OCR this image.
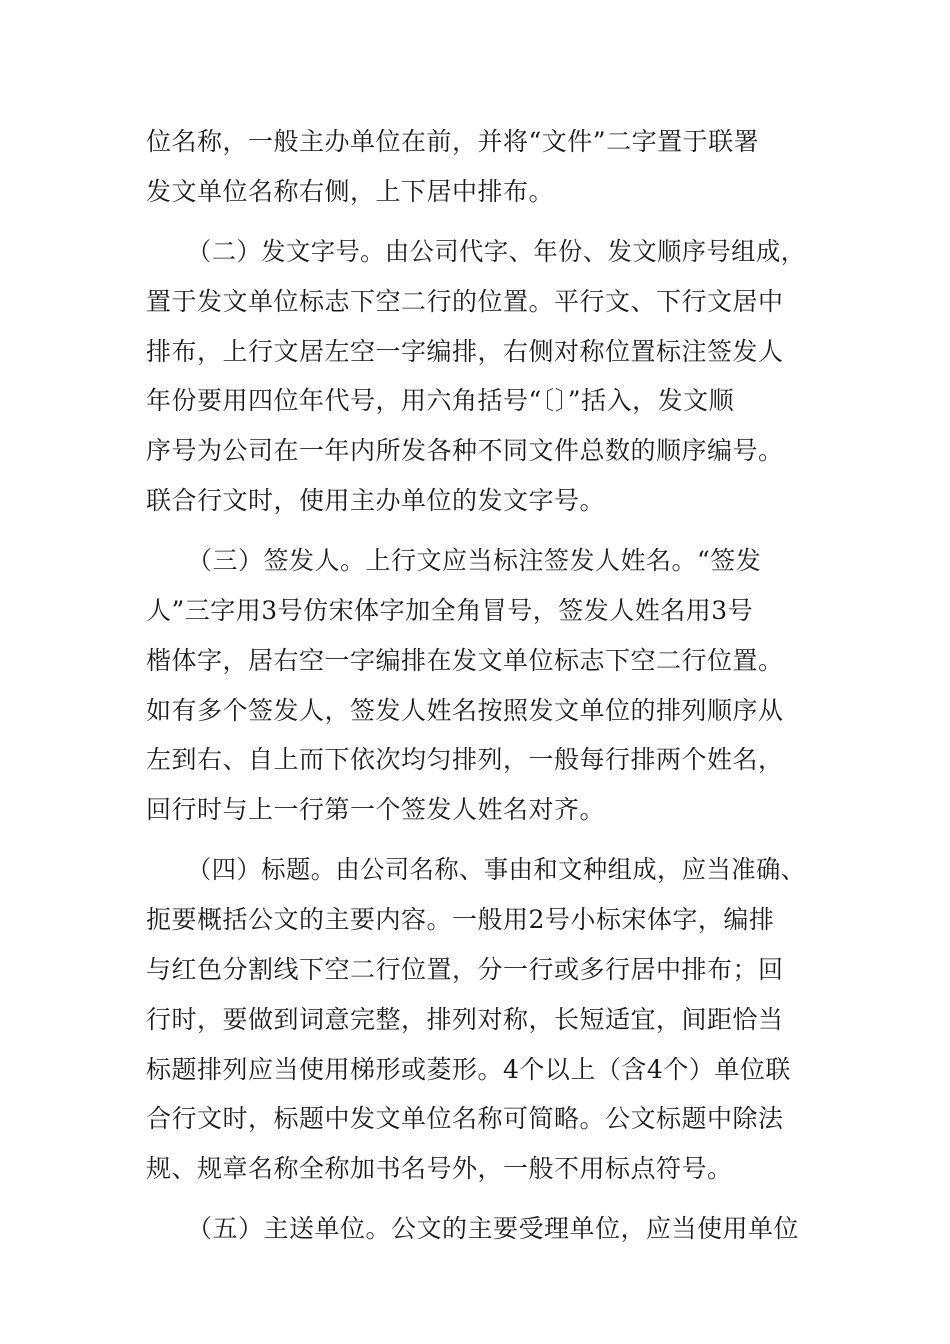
位名称，一般主办单位在前，并将“文件”二字置于联署
发文单位名称右侧，上下居中排布。
（二）发文字号。由公司代字、年份、发文顺序号组成，
置于发文单位标志下空二行的位置。平行文、下行文居中
排布，上行文居左空一字编排，右侧对称位置标注签发人
年份要用四位年代号，用六角括号“〔〕”括入，发文顺
序号为公司在一年内所发各种不同文件总数的顺序编号。
联合行文时，使用主办单位的发文字号。
（三）签发人。上行文应当标注签发人姓名。“签发
人”三字用3号仿宋体字加全角冒号，签发人姓名用3号
楷体字，居右空一字编排在发文单位标志下空二行位置。
如有多个签发人，签发人姓名按照发文单位的排列顺序从
左到右、自上而下依次均匀排列，一般每行排两个姓名，
回行时与上一行第一个签发人姓名对齐。
（四）标题。由公司名称、事由和文种组成，应当准确、
扼要概括公文的主要内容。一般用2号小标宋体字，编排
与红色分割线下空二行位置，分一行或多行居中排布；回
行时，要做到词意完整，排列对称，长短适宜，间距恰当
标题排列应当使用梯形或菱形。4个以上（含4个）单位联
合行文时，标题中发文单位名称可简略。公文标题中除法
规、规章名称全称加书名号外，一般不用标点符号。
（五）主送单位。公文的主要受理单位，应当使用单位
